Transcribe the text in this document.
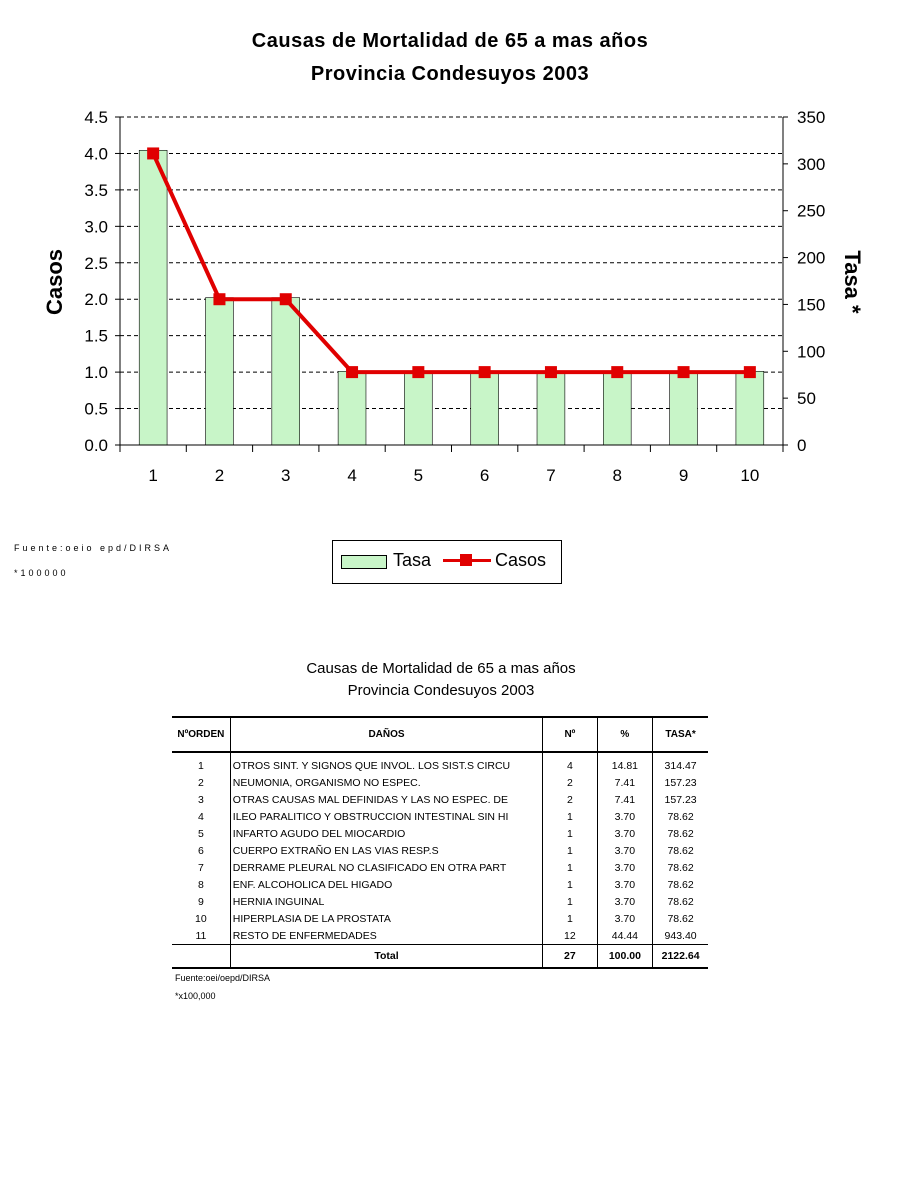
Causas de Mortalidad de 65 a mas años
Provincia Condesuyos 2003
0.0
0.5
1.0
1.5
2.0
2.5
3.0
3.5
4.0
4.5
0
50
100
150
200
250
300
350
1	2	3	4	5	6	7	8	9	10
Casos	Tasa *
Fuente:oeio epd/DIRSA
*100000
Tasa	Casos
Causas de Mortalidad de 65 a mas años
Provincia Condesuyos 2003
NºORDEN	DAÑOS	Nº	%	TASA*
1	OTROS SINT. Y SIGNOS QUE INVOL. LOS SIST.S CIRCU	4	14.81	314.47
2	NEUMONIA, ORGANISMO NO ESPEC.	2	7.41	157.23
3	OTRAS CAUSAS MAL DEFINIDAS Y LAS NO ESPEC. DE	2	7.41	157.23
4	ILEO PARALITICO Y OBSTRUCCION INTESTINAL SIN HI	1	3.70	78.62
5	INFARTO AGUDO DEL MIOCARDIO	1	3.70	78.62
6	CUERPO EXTRAÑO EN LAS VIAS RESP.S	1	3.70	78.62
7	DERRAME PLEURAL NO CLASIFICADO EN OTRA PART	1	3.70	78.62
8	ENF. ALCOHOLICA DEL HIGADO	1	3.70	78.62
9	HERNIA INGUINAL	1	3.70	78.62
10	HIPERPLASIA DE LA PROSTATA	1	3.70	78.62
11	RESTO DE ENFERMEDADES	12	44.44	943.40
	Total	27	100.00	2122.64
Fuente:oei/oepd/DIRSA
*x100,000
